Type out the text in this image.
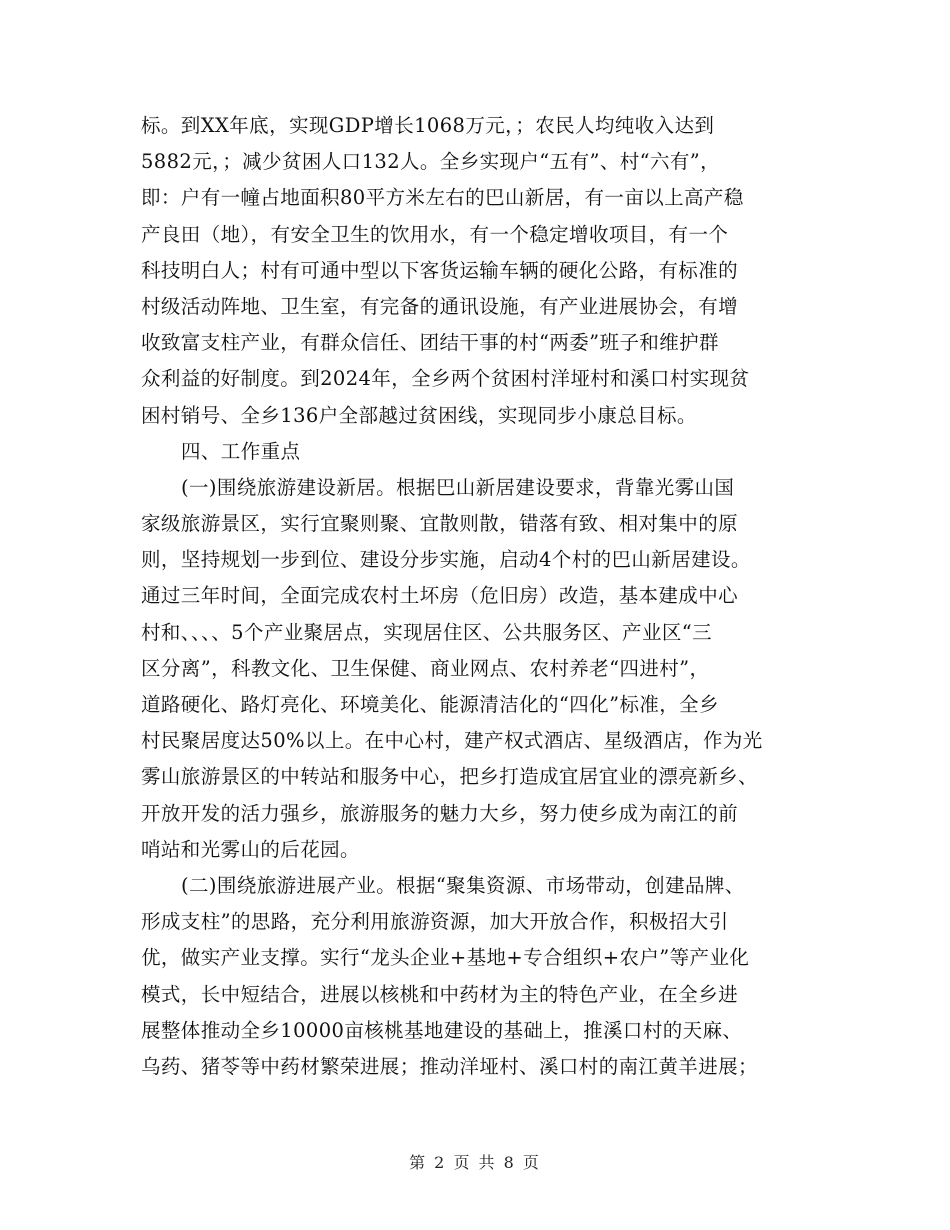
标。到XX年底，实现GDP增长1068万元，；农民人均纯收入达到
5882元，；减少贫困人口132人。全乡实现户“五有”、村“六有”，
即：户有一幢占地面积80平方米左右的巴山新居，有一亩以上高产稳
产良田（地），有安全卫生的饮用水，有一个稳定增收项目，有一个
科技明白人；村有可通中型以下客货运输车辆的硬化公路，有标准的
村级活动阵地、卫生室，有完备的通讯设施，有产业进展协会，有增
收致富支柱产业，有群众信任、团结干事的村“两委”班子和维护群
众利益的好制度。到2024年，全乡两个贫困村洋垭村和溪口村实现贫
困村销号、全乡136户全部越过贫困线，实现同步小康总目标。
四、工作重点
(一)围绕旅游建设新居。根据巴山新居建设要求，背靠光雾山国
家级旅游景区，实行宜聚则聚、宜散则散，错落有致、相对集中的原
则，坚持规划一步到位、建设分步实施，启动4个村的巴山新居建设。
通过三年时间，全面完成农村土坏房（危旧房）改造，基本建成中心
村和、、、、5个产业聚居点，实现居住区、公共服务区、产业区“三
区分离”，科教文化、卫生保健、商业网点、农村养老“四进村”，
道路硬化、路灯亮化、环境美化、能源清洁化的“四化”标准，全乡
村民聚居度达50%以上。在中心村，建产权式酒店、星级酒店，作为光
雾山旅游景区的中转站和服务中心，把乡打造成宜居宜业的漂亮新乡、
开放开发的活力强乡，旅游服务的魅力大乡，努力使乡成为南江的前
哨站和光雾山的后花园。
(二)围绕旅游进展产业。根据“聚集资源、市场带动，创建品牌、
形成支柱”的思路，充分利用旅游资源，加大开放合作，积极招大引
优，做实产业支撑。实行“龙头企业+基地+专合组织+农户”等产业化
模式，长中短结合，进展以核桃和中药材为主的特色产业，在全乡进
展整体推动全乡10000亩核桃基地建设的基础上，推溪口村的天麻、
乌药、猪苓等中药材繁荣进展；推动洋垭村、溪口村的南江黄羊进展；
第 2 页 共 8 页
